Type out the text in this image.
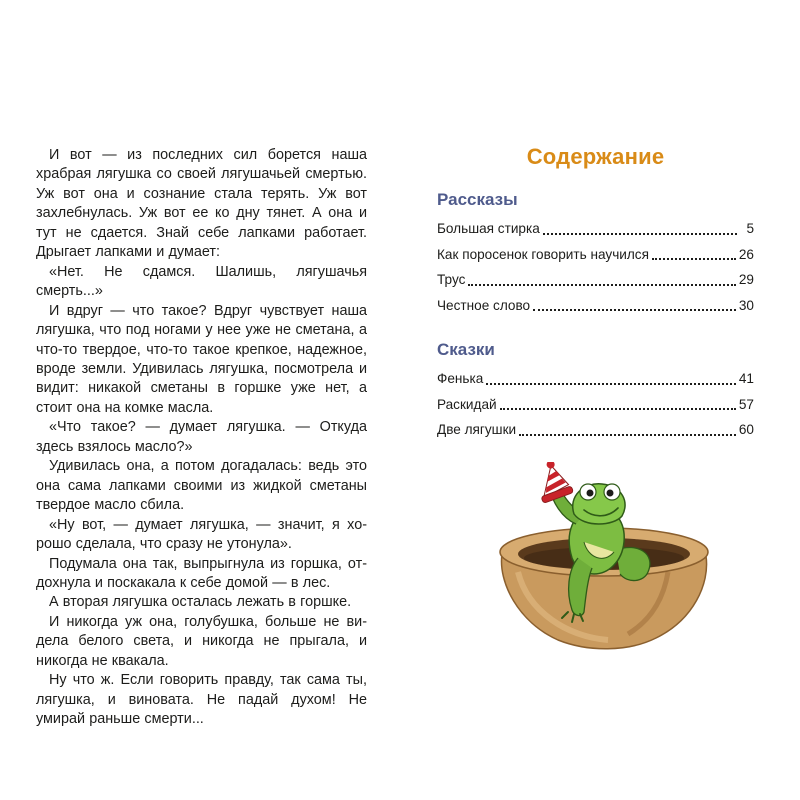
И вот — из последних сил борется наша храбрая лягушка со своей лягушачьей смертью. Уж вот она и сознание стала терять. Уж вот захлебнулась. Уж вот ее ко дну тянет. А она и тут не сдается. Знай себе лапками работает. Дрыгает лапками и думает:

«Нет. Не сдамся. Шалишь, лягушачья смерть...»

И вдруг — что такое? Вдруг чувствует наша лягушка, что под ногами у нее уже не сметана, а что-то твердое, что-то такое крепкое, надежное, вроде земли. Удивилась лягушка, посмотрела и видит: никакой сметаны в горшке уже нет, а стоит она на комке масла.

«Что такое? — думает лягушка. — Откуда здесь взялось масло?»

Удивилась она, а потом догадалась: ведь это она сама лапками своими из жидкой сметаны твердое масло сбила.

«Ну вот, — думает лягушка, — значит, я хорошо сделала, что сразу не утонула».

Подумала она так, выпрыгнула из горшка, отдохнула и поскакала к себе домой — в лес.

А вторая лягушка осталась лежать в горшке.

И никогда уж она, голубушка, больше не видела белого света, и никогда не прыгала, и никогда не квакала.

Ну что ж. Если говорить правду, так сама ты, лягушка, и виновата. Не падай духом! Не умирай раньше смерти...

Содержание
Рассказы
Большая стирка	5
Как поросенок говорить научился	26
Трус	29
Честное слово	30
Сказки
Фенька	41
Раскидай	57
Две лягушки	60
